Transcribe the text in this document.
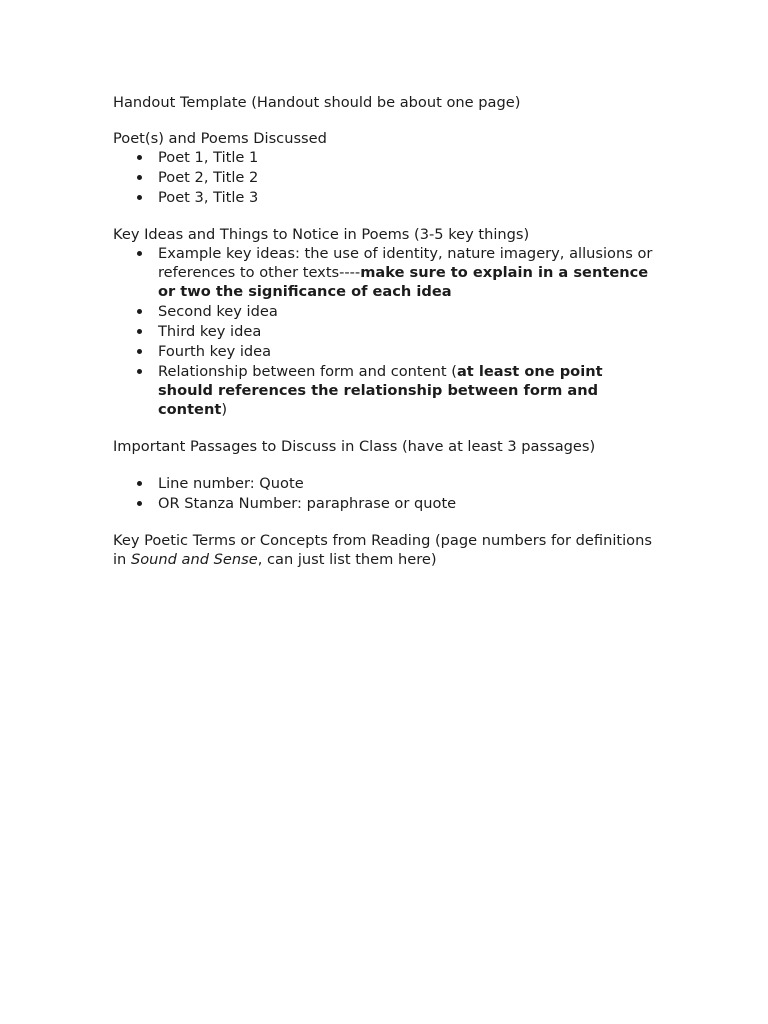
Handout Template (Handout should be about one page)

Poet(s) and Poems Discussed

Poet 1, Title 1
Poet 2, Title 2
Poet 3, Title 3

Key Ideas and Things to Notice in Poems (3-5 key things)

Example key ideas: the use of identity, nature imagery, allusions or references to other texts----make sure to explain in a sentence or two the significance of each idea
Second key idea
Third key idea
Fourth key idea
Relationship between form and content (at least one point should references the relationship between form and content)

Important Passages to Discuss in Class (have at least 3 passages)

Line number: Quote
OR Stanza Number: paraphrase or quote

Key Poetic Terms or Concepts from Reading (page numbers for definitions in Sound and Sense, can just list them here)
